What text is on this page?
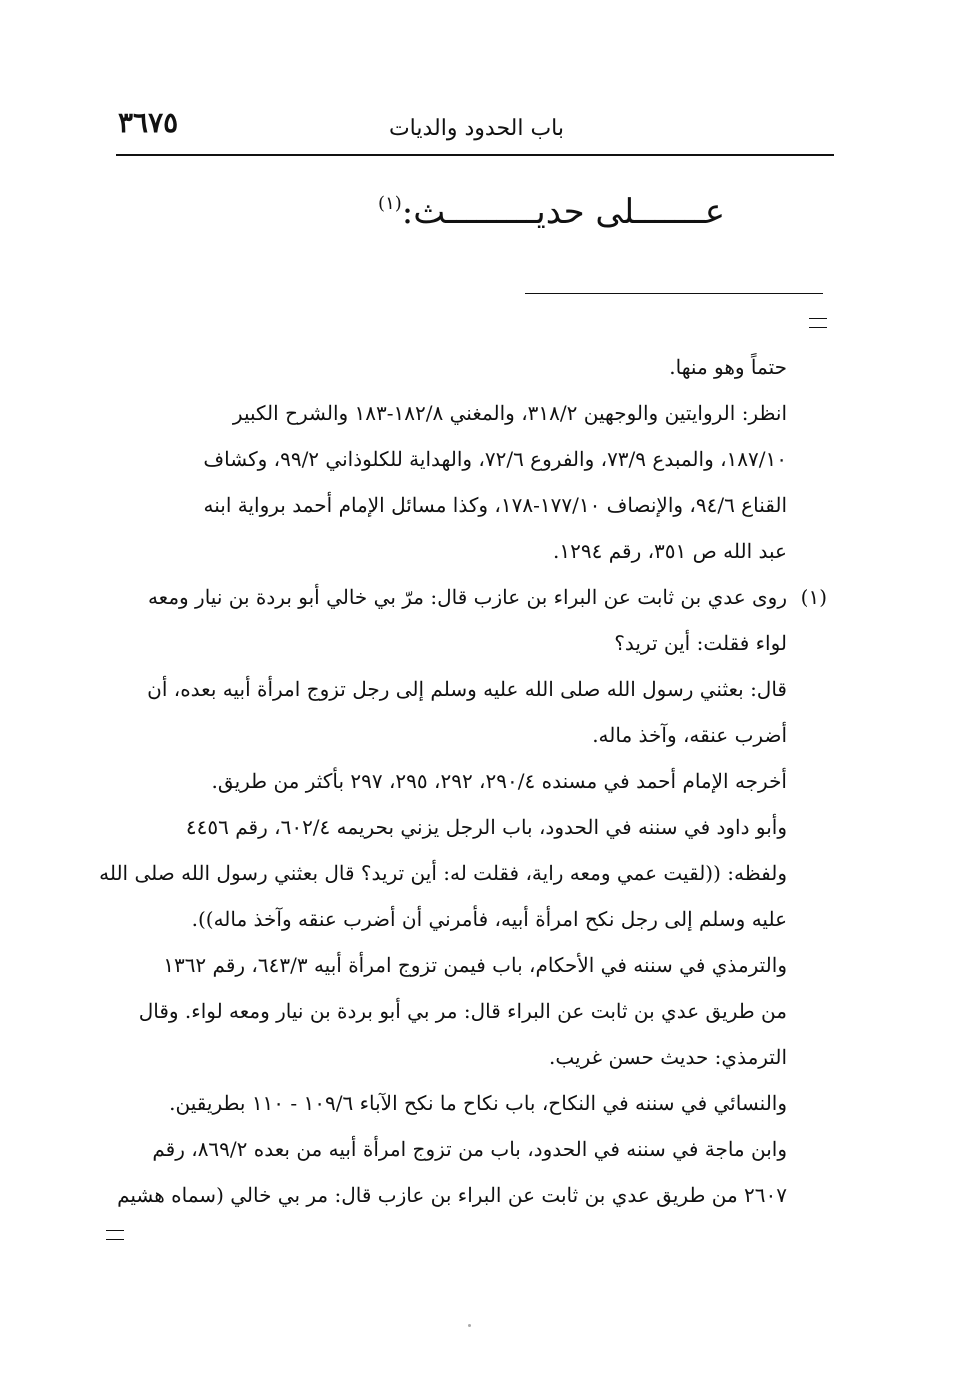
٣٦٧٥	باب الحدود والديات
عـــــــلى حديـــــــــث:$^{(١)}$
حتماً وهو منها.
انظر: الروايتين والوجهين ٣١٨/٢، والمغني ١٨٢/٨-١٨٣ والشرح الكبير
١٨٧/١٠، والمبدع ٧٣/٩، والفروع ٧٢/٦، والهداية للكلوذاني ٩٩/٢، وكشاف
القناع ٩٤/٦، والإنصاف ١٧٧/١٠-١٧٨، وكذا مسائل الإمام أحمد برواية ابنه
عبد الله ص ٣٥١، رقم ١٢٩٤.
(١)
روى عدي بن ثابت عن البراء بن عازب قال: مرّ بي خالي أبو بردة بن نيار ومعه
لواء فقلت: أين تريد؟
قال: بعثني رسول الله صلى الله عليه وسلم إلى رجل تزوج امرأة أبيه بعده، أن
أضرب عنقه، وآخذ ماله.
أخرجه الإمام أحمد في مسنده ٢٩٠/٤، ٢٩٢، ٢٩٥، ٢٩٧ بأكثر من طريق.
وأبو داود في سننه في الحدود، باب الرجل يزني بحريمه ٦٠٢/٤، رقم ٤٤٥٦
ولفظه: ((لقيت عمي ومعه راية، فقلت له: أين تريد؟ قال بعثني رسول الله صلى الله
عليه وسلم إلى رجل نكح امرأة أبيه، فأمرني أن أضرب عنقه وآخذ ماله)).
والترمذي في سننه في الأحكام، باب فيمن تزوج امرأة أبيه ٦٤٣/٣، رقم ١٣٦٢
من طريق عدي بن ثابت عن البراء قال: مر بي أبو بردة بن نيار ومعه لواء. وقال
الترمذي: حديث حسن غريب.
والنسائي في سننه في النكاح، باب نكاح ما نكح الآباء ١٠٩/٦ - ١١٠ بطريقين.
وابن ماجة في سننه في الحدود، باب من تزوج امرأة أبيه من بعده ٨٦٩/٢، رقم
٢٦٠٧ من طريق عدي بن ثابت عن البراء بن عازب قال: مر بي خالي (سماه هشيم
